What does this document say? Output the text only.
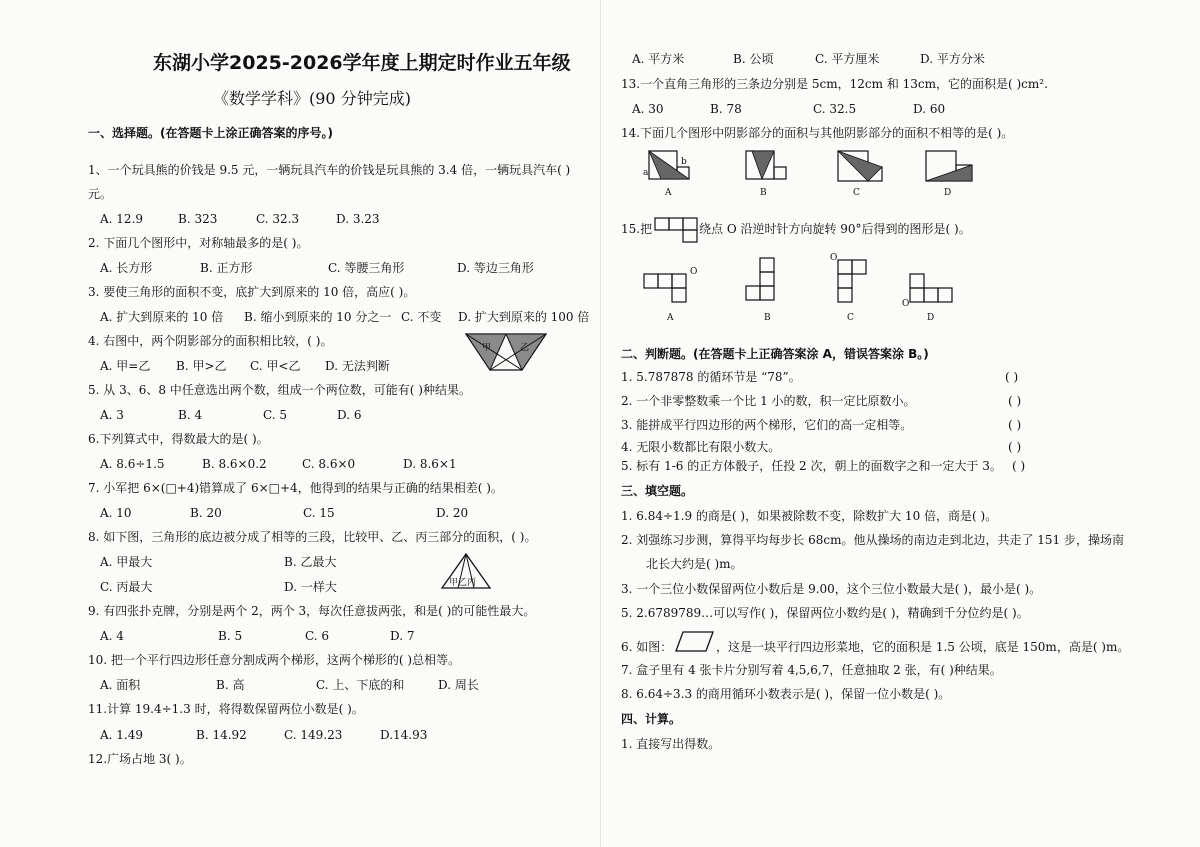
东湖小学2025-2026学年度上期定时作业五年级
《数学学科》(90 分钟完成)
一、选择题。(在答题卡上涂正确答案的序号。)
1、一个玩具熊的价钱是 9.5 元，一辆玩具汽车的价钱是玩具熊的 3.4 倍，一辆玩具汽车( )
元。
A. 12.9	B. 323	C. 32.3	D. 3.23
2. 下面几个图形中，对称轴最多的是( )。
A. 长方形	B. 正方形	C. 等腰三角形	D. 等边三角形
3. 要使三角形的面积不变，底扩大到原来的 10 倍，高应( )。
A. 扩大到原来的 10 倍 B. 缩小到原来的 10 分之一 C. 不变 D. 扩大到原来的 100 倍
4. 右图中，两个阴影部分的面积相比较，( )。
A. 甲=乙 B. 甲>乙 C. 甲<乙 D. 无法判断
甲	乙
5. 从 3、6、8 中任意选出两个数，组成一个两位数，可能有( )种结果。
A. 3	B. 4	C. 5	D. 6
6.下列算式中，得数最大的是( )。
A. 8.6÷1.5	B. 8.6×0.2	C. 8.6×0	D. 8.6×1
7. 小军把 6×(□+4)错算成了 6×□+4，他得到的结果与正确的结果相差( )。
A. 10	B. 20	C. 15	D. 20
8. 如下图，三角形的底边被分成了相等的三段，比较甲、乙、丙三部分的面积，( )。
A. 甲最大	B. 乙最大
C. 丙最大	D. 一样大	甲乙丙
9. 有四张扑克牌，分别是两个 2，两个 3，每次任意拔两张，和是( )的可能性最大。
A. 4	B. 5	C. 6	D. 7
10. 把一个平行四边形任意分割成两个梯形，这两个梯形的( )总相等。
A. 面积	B. 高	C. 上、下底的和	D. 周长
11.计算 19.4÷1.3 时，将得数保留两位小数是( )。
A. 1.49	B. 14.92	C. 149.23	D.14.93
12.广场占地 3( )。
A. 平方米	B. 公顷	C. 平方厘米	D. 平方分米
13.一个直角三角形的三条边分别是 5cm，12cm 和 13cm，它的面积是( )cm².
A. 30	B. 78	C. 32.5	D. 60
14.下面几个图形中阴影部分的面积与其他阴影部分的面积不相等的是( )。
a
b
A	B	C	D
15.把	绕点 O 沿逆时针方向旋转 90°后得到的图形是( )。
O
A	B
O
C
O
D
二、判断题。(在答题卡上正确答案涂 A，错误答案涂 B。)
1. 5.787878 的循环节是 “78”。	( )
2. 一个非零整数乘一个比 1 小的数，积一定比原数小。	( )
3. 能拼成平行四边形的两个梯形，它们的高一定相等。	( )
4. 无限小数都比有限小数大。	( )
5. 标有 1-6 的正方体骰子，任投 2 次，朝上的面数字之和一定大于 3。 ( )
三、填空题。
1. 6.84÷1.9 的商是( )，如果被除数不变，除数扩大 10 倍，商是( )。
2. 刘强练习步测，算得平均每步长 68cm。他从操场的南边走到北边，共走了 151 步，操场南
北长大约是( )m。
3. 一个三位小数保留两位小数后是 9.00，这个三位小数最大是( )，最小是( )。
5. 2.6789789…可以写作( )，保留两位小数约是( )，精确到千分位约是( )。
6. 如图：	，这是一块平行四边形菜地，它的面积是 1.5 公顷，底是 150m，高是( )m。
7. 盒子里有 4 张卡片分别写着 4,5,6,7，任意抽取 2 张，有( )种结果。
8. 6.64÷3.3 的商用循环小数表示是( )，保留一位小数是( )。
四、计算。
1. 直接写出得数。
